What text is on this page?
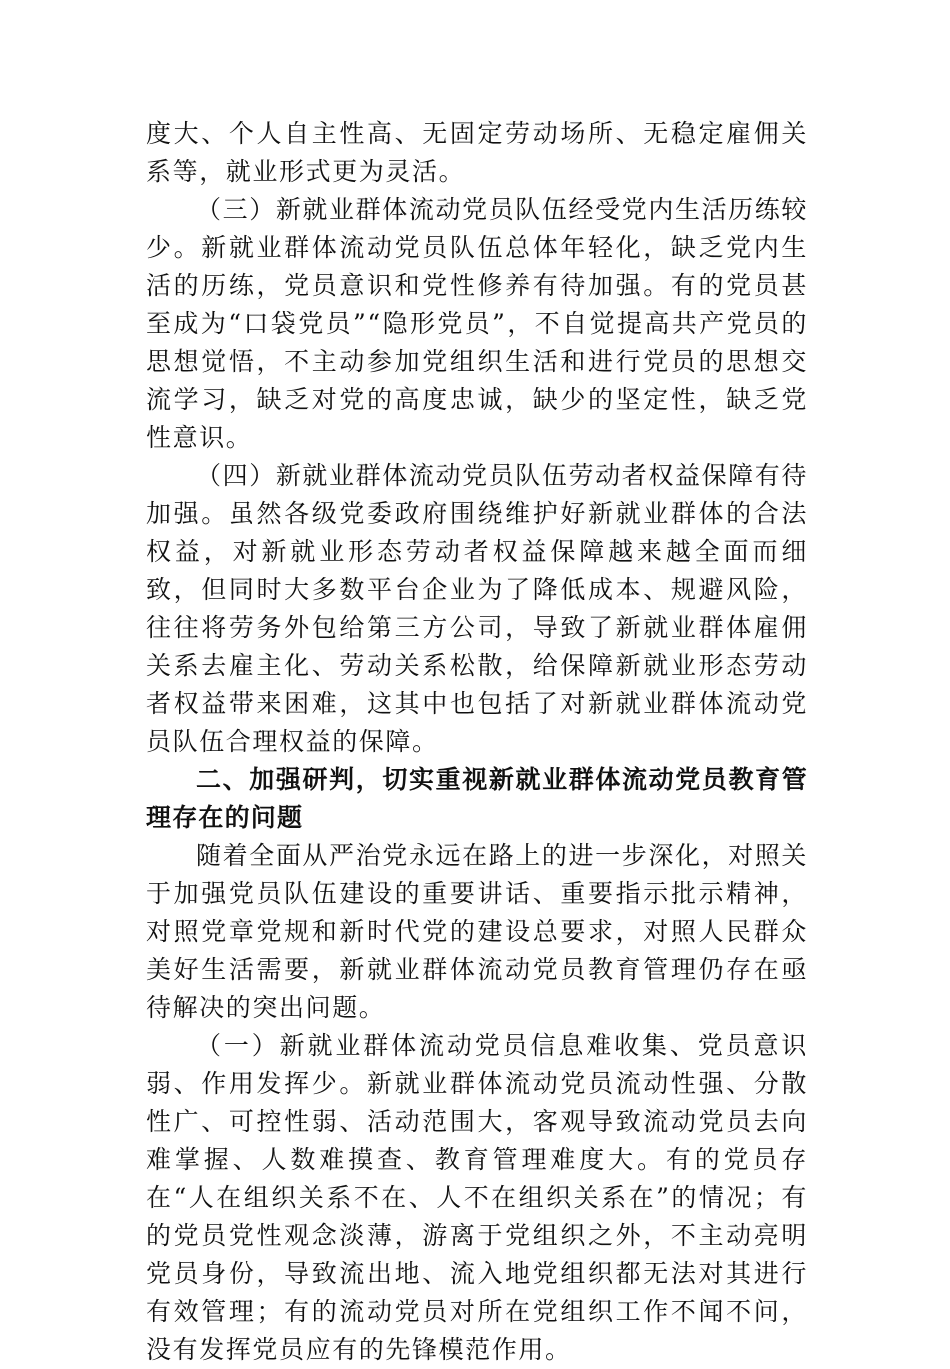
度大、个人自主性高、无固定劳动场所、无稳定雇佣关系等，就业形式更为灵活。

（三）新就业群体流动党员队伍经受党内生活历练较少。新就业群体流动党员队伍总体年轻化，缺乏党内生活的历练，党员意识和党性修养有待加强。有的党员甚至成为“口袋党员”“隐形党员”，不自觉提高共产党员的思想觉悟，不主动参加党组织生活和进行党员的思想交流学习，缺乏对党的高度忠诚，缺少的坚定性，缺乏党性意识。

（四）新就业群体流动党员队伍劳动者权益保障有待加强。虽然各级党委政府围绕维护好新就业群体的合法权益，对新就业形态劳动者权益保障越来越全面而细致，但同时大多数平台企业为了降低成本、规避风险，往往将劳务外包给第三方公司，导致了新就业群体雇佣关系去雇主化、劳动关系松散，给保障新就业形态劳动者权益带来困难，这其中也包括了对新就业群体流动党员队伍合理权益的保障。

二、加强研判，切实重视新就业群体流动党员教育管理存在的问题

随着全面从严治党永远在路上的进一步深化，对照关于加强党员队伍建设的重要讲话、重要指示批示精神，对照党章党规和新时代党的建设总要求，对照人民群众美好生活需要，新就业群体流动党员教育管理仍存在亟待解决的突出问题。

（一）新就业群体流动党员信息难收集、党员意识弱、作用发挥少。新就业群体流动党员流动性强、分散性广、可控性弱、活动范围大，客观导致流动党员去向难掌握、人数难摸查、教育管理难度大。有的党员存在“人在组织关系不在、人不在组织关系在”的情况；有的党员党性观念淡薄，游离于党组织之外，不主动亮明党员身份，导致流出地、流入地党组织都无法对其进行有效管理；有的流动党员对所在党组织工作不闻不问，没有发挥党员应有的先锋模范作用。
